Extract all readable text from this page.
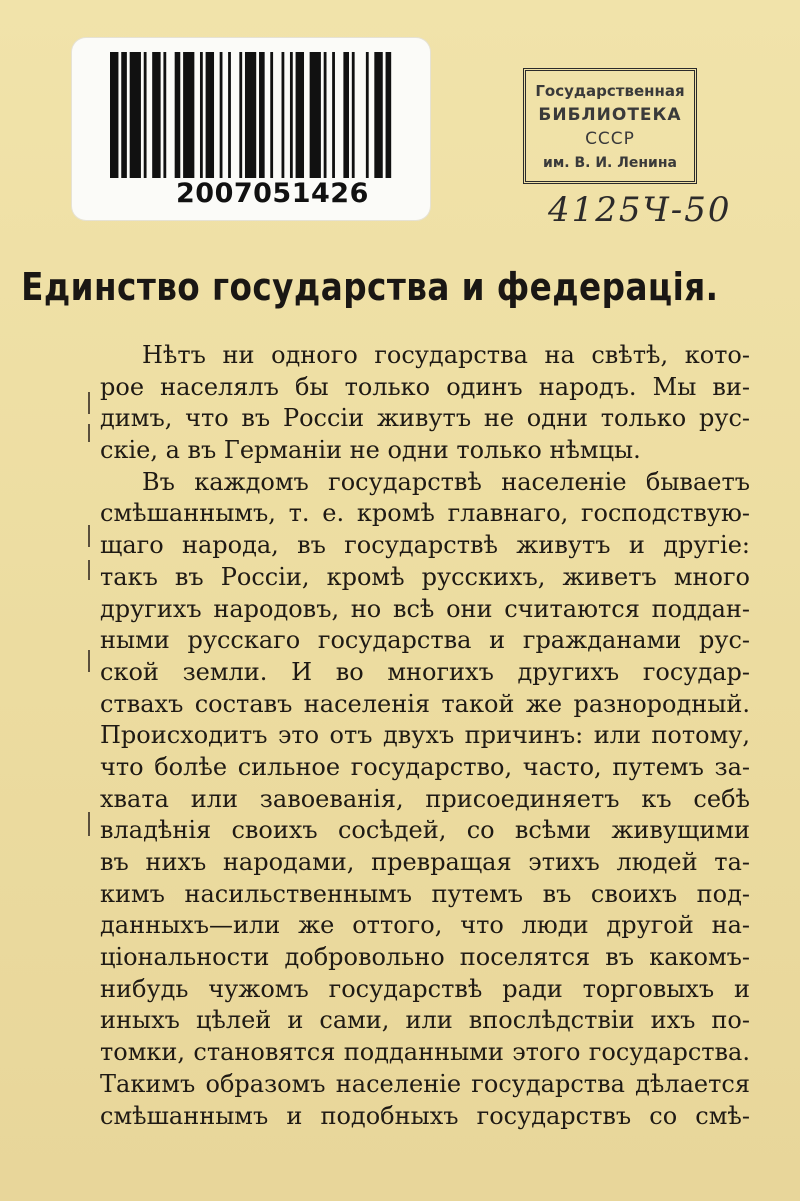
2007051426
Государственная
БИБЛИОТЕКА
СССР
им. В. И. Ленина
4125Ч-50
Единство государства и федерація.
Нѣтъ ни одного государства на свѣтѣ, кото-
рое населялъ бы только одинъ народъ. Мы ви-
димъ, что въ Россіи живутъ не одни только рус-
скіе, а въ Германіи не одни только нѣмцы.
Въ каждомъ государствѣ населеніе бываетъ
смѣшаннымъ, т. е. кромѣ главнаго, господствую-
щаго народа, въ государствѣ живутъ и другіе:
такъ въ Россіи, кромѣ русскихъ, живетъ много
другихъ народовъ, но всѣ они считаются поддан-
ными русскаго государства и гражданами рус-
ской земли. И во многихъ другихъ государ-
ствахъ составъ населенія такой же разнородный.
Происходитъ это отъ двухъ причинъ: или потому,
что болѣе сильное государство, часто, путемъ за-
хвата или завоеванія, присоединяетъ къ себѣ
владѣнія своихъ сосѣдей, со всѣми живущими
въ нихъ народами, превращая этихъ людей та-
кимъ насильственнымъ путемъ въ своихъ под-
данныхъ—или же оттого, что люди другой на-
ціональности добровольно поселятся въ какомъ-
нибудь чужомъ государствѣ ради торговыхъ и
иныхъ цѣлей и сами, или впослѣдствіи ихъ по-
томки, становятся подданными этого государства.
Такимъ образомъ населеніе государства дѣлается
смѣшаннымъ и подобныхъ государствъ со смѣ-
